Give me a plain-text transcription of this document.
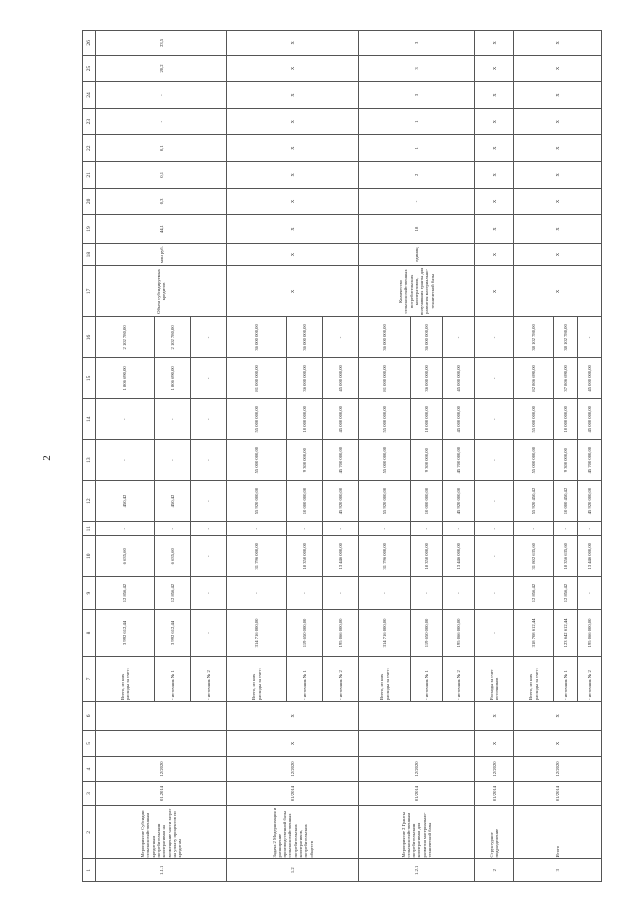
2
1	2	3	4	5	6	7	8	9	10	11	12	13	14	15	16	17	18	19	20	21	22	23	24	25	26
1.1.1	Мероприятие Субсидии сельскохозяйственным кредитным потребительским кооперативам на возмещение части затрат на уплату процентов по кредитам	01.2014	12/2020			Всего, из них расходы за счет:	3 992 612,44	12 856,42	6 635,60	-	450,42	-	-	1 806 690,00	2 102 780,00	Объем субсидируемых кредитов	млн руб.	44,1	0,3	0,1	0,1	-	-	20,2	23,5
						- источник № 1	3 992 612,44	12 856,42	6 635,60	-	450,42	-	-	1 806 690,00	2 102 780,00										
						- источник № 2	-	-	-	-	-	-	-	-	-										
1.2	Задача 2 Модернизация и расширение производственной базы сельскохозяйственных потребительских кооперативов, потребительских обществ	01/2014	12/2020	X	X	Всего, из них расходы за счет:	314 716 000,00	-	31 796 000,00	-	55 920 000,00	55 000 000,00	55 000 000,00	81 000 000,00	36 000 000,00	X	X	X	X	X	X	X	X	X	X
						- источник № 1	119 650 000,00	-	18 350 000,00	-	10 000 000,00	9 300 000,00	10 000 000,00	36 000 000,00	36 000 000,00										
						- источник № 2	195 066 000,00	-	13 446 000,00	-	45 920 000,00	45 700 000,00	45 000 000,00	45 000 000,00	-										
1.2.1	Мероприятие 2 Гранты сельскохозяйственным потребительским кооперативам для развития материально-технической базы	01/2014	12/2020			Всего, из них расходы за счет:	314 716 000,00	-	31 796 000,00	-	55 920 000,00	55 000 000,00	55 000 000,00	81 000 000,00	36 000 000,00	Количество сельскохозяйственных потребительских кооперативов, получивших гранты для развития материально-технической базы	единиц	18	-	2	1	1	3	3	3
						- источник № 1	119 650 000,00	-	18 350 000,00	-	10 000 000,00	9 300 000,00	10 000 000,00	36 000 000,00	36 000 000,00										
						- источник № 2	195 066 000,00	-	13 446 000,00	-	45 920 000,00	45 700 000,00	45 000 000,00	45 000 000,00	-										
2	Структурное подразделение	01/2014	12/2020	X	X	Расходы за счет источников	-	-	-	-	-	-	-	-	-	X	X	X	X	X	X	X	X	X	X
3	Итого	01/2014	12/2020	X	X	Всего, из них расходы за счет:	318 708 612,44	12 856,42	31 802 635,60	-	55 920 450,42	55 000 000,00	55 000 000,00	82 806 690,00	38 102 780,00	X	X	X	X	X	X	X	X	X	X
						- источник № 1	123 642 612,44	12 856,42	18 356 635,60	-	10 000 450,42	9 300 000,00	10 000 000,00	37 806 690,00	38 102 780,00										
						- источник № 2	195 066 000,00	-	13 446 000,00	-	45 920 000,00	45 700 000,00	45 000 000,00	45 000 000,00	-										
